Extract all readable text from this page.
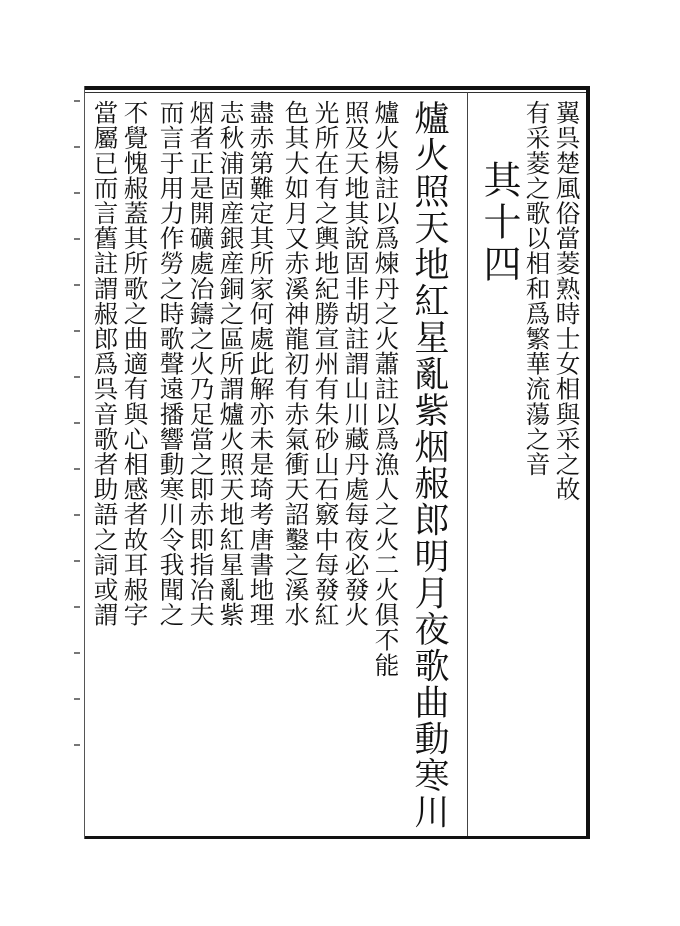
翼呉楚風俗當菱熟時士女相與采之故
有采菱之歌以相和爲繁華流蕩之音
其十四
爐火照天地紅星亂紫烟赧郎明月夜歌曲動寒川
爐火楊註以爲煉丹之火蕭註以爲漁人之火二火俱不能
照及天地其說固非胡註謂山川藏丹處每夜必發火
光所在有之輿地紀勝宣州有朱砂山石竅中每發紅
色其大如月又赤溪神龍初有赤氣衝天詔鑿之溪水
盡赤第難定其所家何處此解亦未是琦考唐書地理
志秋浦固産銀産銅之區所謂爐火照天地紅星亂紫
烟者正是開礦處冶鑄之火乃足當之即赤即指冶夫
而言于用力作勞之時歌聲遠播響動寒川令我聞之
不覺愧赧蓋其所歌之曲適有與心相感者故耳赧字
當屬已而言舊註謂赧郎爲呉音歌者助語之詞或謂
